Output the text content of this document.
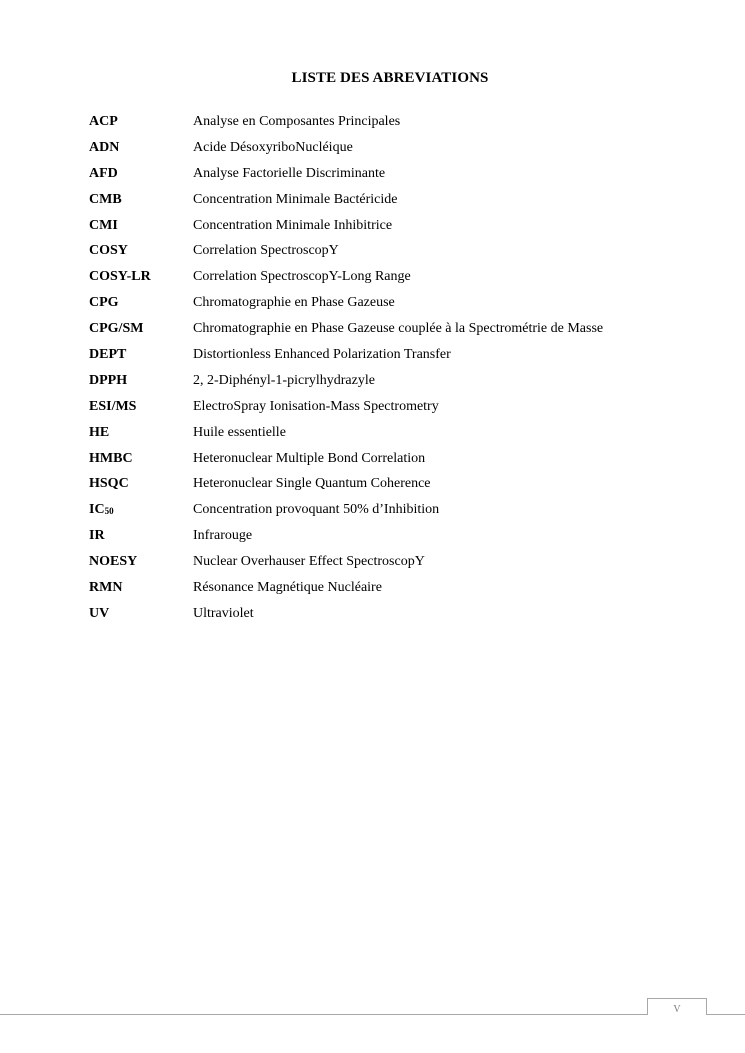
LISTE DES ABREVIATIONS
ACP	Analyse en Composantes Principales
ADN	Acide DésoxyriboNucléique
AFD	Analyse Factorielle Discriminante
CMB	Concentration Minimale Bactéricide
CMI	Concentration Minimale Inhibitrice
COSY	Correlation SpectroscopY
COSY-LR	Correlation SpectroscopY-Long Range
CPG	Chromatographie en Phase Gazeuse
CPG/SM	Chromatographie en Phase Gazeuse couplée à la Spectrométrie de Masse
DEPT	Distortionless Enhanced Polarization Transfer
DPPH	2, 2-Diphényl-1-picrylhydrazyle
ESI/MS	ElectroSpray Ionisation-Mass Spectrometry
HE	Huile essentielle
HMBC	Heteronuclear Multiple Bond Correlation
HSQC	Heteronuclear Single Quantum Coherence
$IC_{50}$	Concentration provoquant 50% d’Inhibition
IR	Infrarouge
NOESY	Nuclear Overhauser Effect SpectroscopY
RMN	Résonance Magnétique Nucléaire
UV	Ultraviolet
V
